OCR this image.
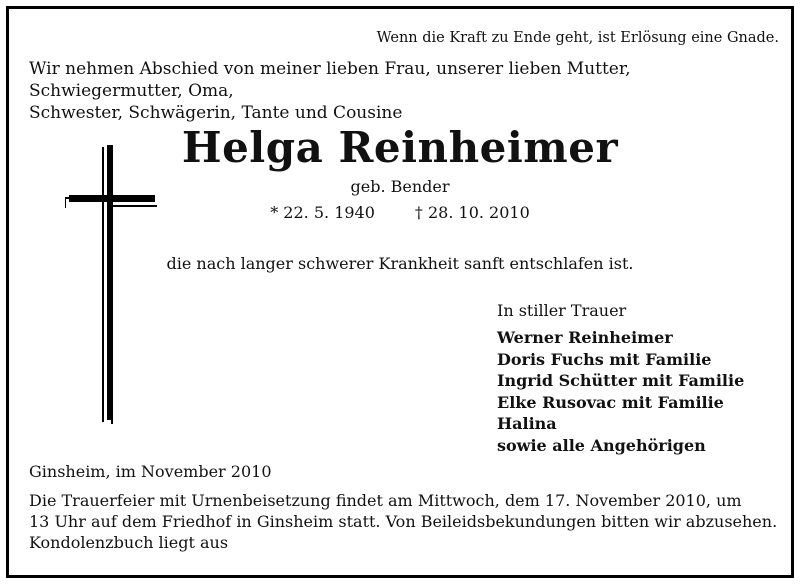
Wenn die Kraft zu Ende geht, ist Erlösung eine Gnade.
Wir nehmen Abschied von meiner lieben Frau, unserer lieben Mutter, Schwiegermutter, Oma,
Schwester, Schwägerin, Tante und Cousine
Helga Reinheimer
geb. Bender
* 22. 5. 1940	† 28. 10. 2010
die nach langer schwerer Krankheit sanft entschlafen ist.
In stiller Trauer
Werner Reinheimer
Doris Fuchs mit Familie
Ingrid Schütter mit Familie
Elke Rusovac mit Familie
Halina
sowie alle Angehörigen
Ginsheim, im November 2010
Die Trauerfeier mit Urnenbeisetzung findet am Mittwoch, dem 17. November 2010, um
13 Uhr auf dem Friedhof in Ginsheim statt. Von Beileidsbekundungen bitten wir abzusehen.
Kondolenzbuch liegt aus
